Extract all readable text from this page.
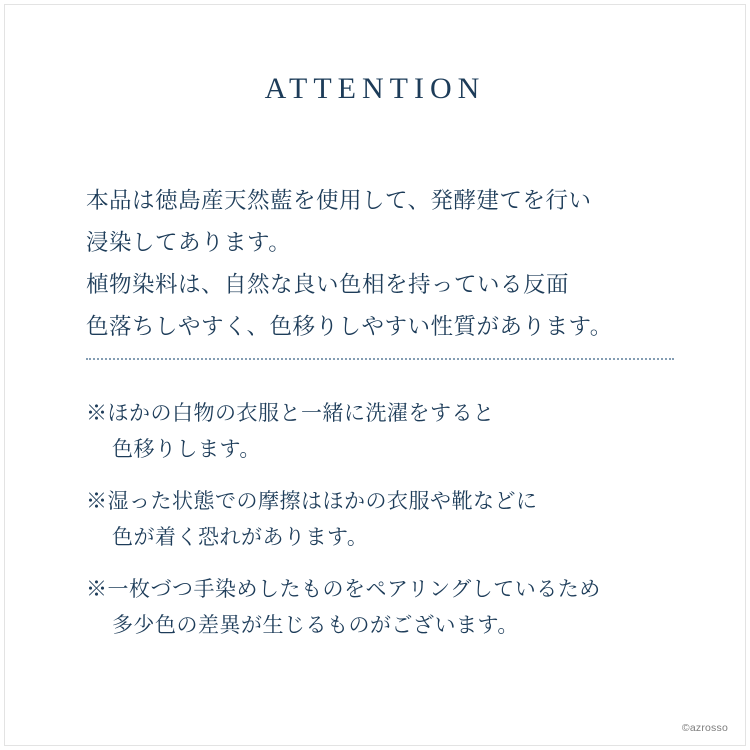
ATTENTION
本品は徳島産天然藍を使用して、発酵建てを行い
浸染してあります。
植物染料は、自然な良い色相を持っている反面
色落ちしやすく、色移りしやすい性質があります。
※ほかの白物の衣服と一緒に洗濯をすると
色移りします。
※湿った状態での摩擦はほかの衣服や靴などに
色が着く恐れがあります。
※一枚づつ手染めしたものをペアリングしているため
多少色の差異が生じるものがございます。
©azrosso
